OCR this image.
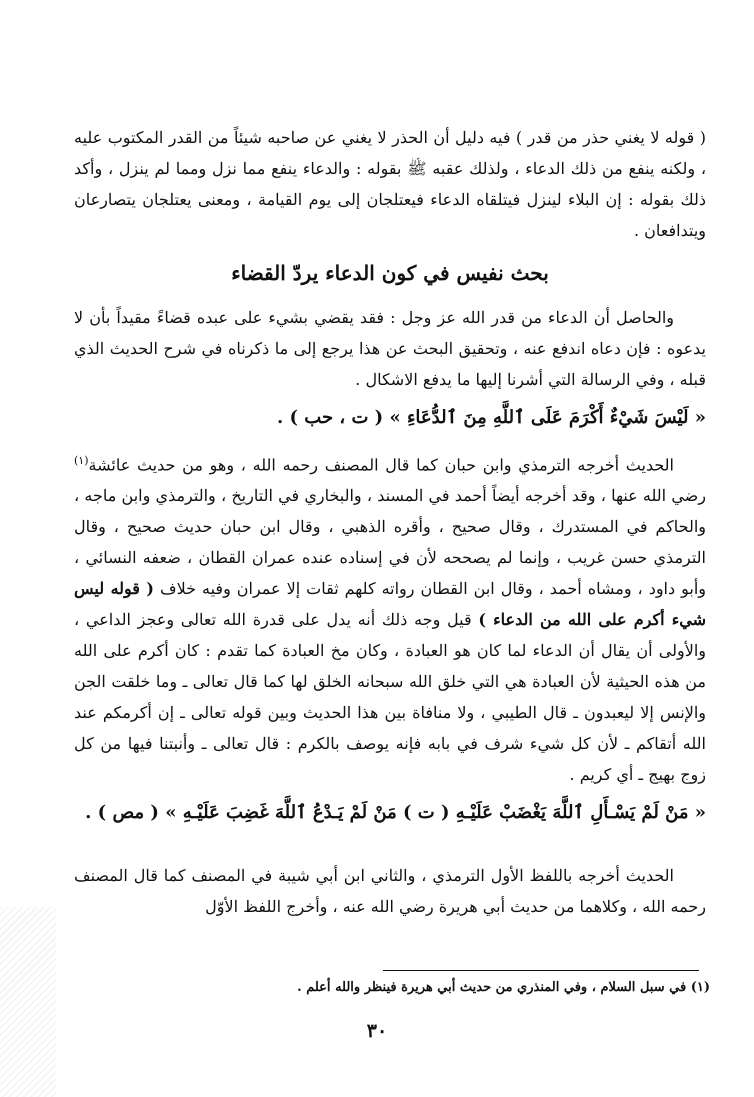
( قوله لا يغني حذر من قدر ) فيه دليل أن الحذر لا يغني عن صاحبه شيئاً من القدر المكتوب عليه ، ولكنه ينفع من ذلك الدعاء ، ولذلك عقبه ﷺ بقوله : والدعاء ينفع مما نزل ومما لم ينزل ، وأكد ذلك بقوله : إن البلاء لينزل فيتلقاه الدعاء فيعتلجان إلى يوم القيامة ، ومعنى يعتلجان يتصارعان ويتدافعان .

بحث نفيس في كون الدعاء يردّ القضاء

والحاصل أن الدعاء من قدر الله عز وجل : فقد يقضي بشيء على عبده قضاءً مقيداً بأن لا يدعوه : فإن دعاه اندفع عنه ، وتحقيق البحث عن هذا يرجع إلى ما ذكرناه في شرح الحديث الذي قبله ، وفي الرسالة التي أشرنا إليها ما يدفع الاشكال .

« لَيْسَ شَيْءٌ أَكْرَمَ عَلَى ٱللَّهِ مِنَ ٱلدُّعَاءِ » ( ت ، حب ) .

الحديث أخرجه الترمذي وابن حبان كما قال المصنف رحمه الله ، وهو من حديث عائشة$^{(١)}$ رضي الله عنها ، وقد أخرجه أيضاً أحمد في المسند ، والبخاري في التاريخ ، والترمذي وابن ماجه ، والحاكم في المستدرك ، وقال صحيح ، وأقره الذهبي ، وقال ابن حبان حديث صحيح ، وقال الترمذي حسن غريب ، وإنما لم يصححه لأن في إسناده عنده عمران القطان ، ضعفه النسائي ، وأبو داود ، ومشاه أحمد ، وقال ابن القطان رواته كلهم ثقات إلا عمران وفيه خلاف ( قوله ليس شيء أكرم على الله من الدعاء ) قيل وجه ذلك أنه يدل على قدرة الله تعالى وعجز الداعي ، والأولى أن يقال أن الدعاء لما كان هو العبادة ، وكان مخ العبادة كما تقدم : كان أكرم على الله من هذه الحيثية لأن العبادة هي التي خلق الله سبحانه الخلق لها كما قال تعالى ـ وما خلقت الجن والإنس إلا ليعبدون ـ قال الطيبي ، ولا منافاة بين هذا الحديث وبين قوله تعالى ـ إن أكرمكم عند الله أتقاكم ـ لأن كل شيء شرف في بابه فإنه يوصف بالكرم : قال تعالى ـ وأنبتنا فيها من كل زوج بهيج ـ أي كريم .

« مَنْ لَمْ يَسْـأَلِ ٱللَّهَ يَغْضَبْ عَلَيْـهِ ( ت ) مَنْ لَمْ يَـدْعُ ٱللَّهَ غَضِبَ عَلَيْـهِ » ( مص ) .

الحديث أخرجه باللفظ الأول الترمذي ، والثاني ابن أبي شيبة في المصنف كما قال المصنف رحمه الله ، وكلاهما من حديث أبي هريرة رضي الله عنه ، وأخرج اللفظ الأوّل

(١) في سبل السلام ، وفي المنذري من حديث أبي هريرة فينظر والله أعلم .
٣٠
